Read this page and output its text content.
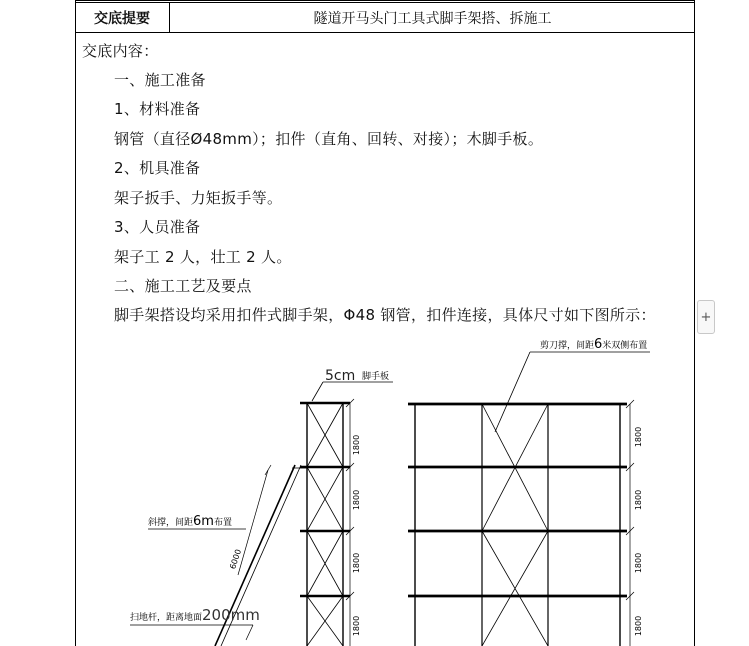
交底提要	隧道开马头门工具式脚手架搭、拆施工
交底内容：
一、施工准备
1、材料准备
钢管（直径Ø48mm）；扣件（直角、回转、对接）；木脚手板。
2、机具准备
架子扳手、力矩扳手等。
3、人员准备
架子工 2 人，壮工 2 人。
二、施工工艺及要点
脚手架搭设均采用扣件式脚手架，Φ48 钢管，扣件连接，具体尺寸如下图所示：	+
剪刀撑，间距6米双侧布置
5cm 脚手板
1800
1800
1800
1800
6000
斜撑，间距6m布置
扫地杆，距离地面200mm
1800
1800
1800
1800
